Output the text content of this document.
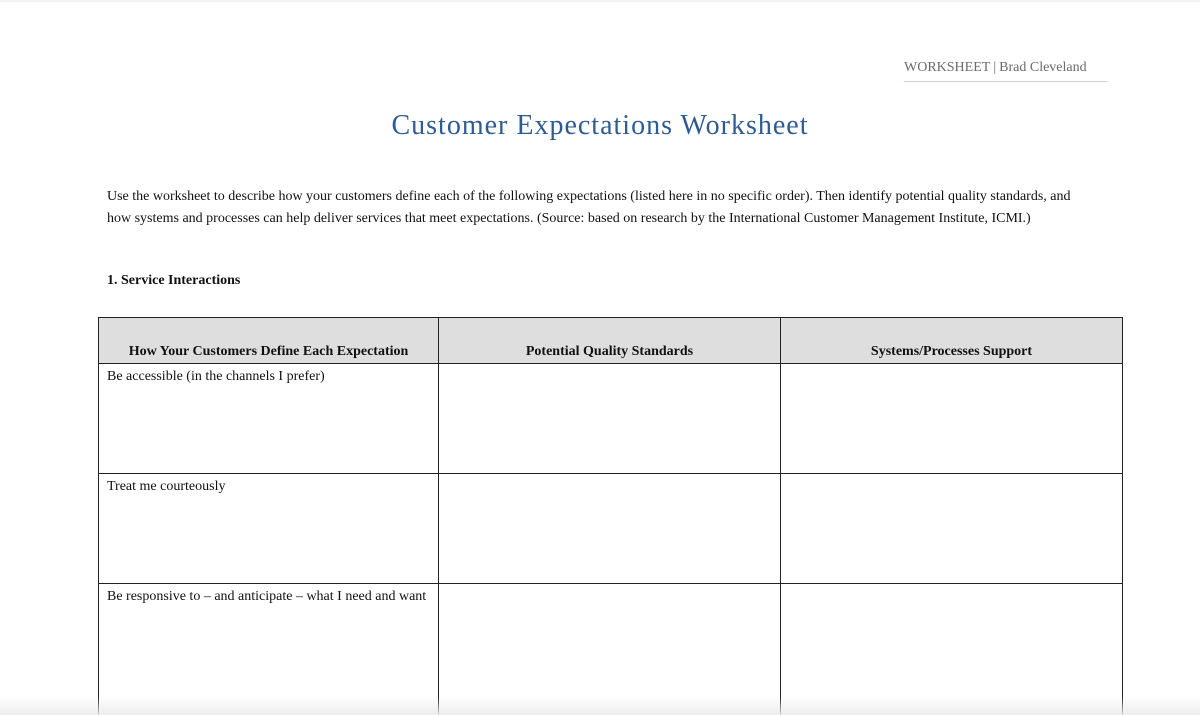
WORKSHEET | Brad Cleveland
Customer Expectations Worksheet

Use the worksheet to describe how your customers define each of the following expectations (listed here in no specific order). Then identify potential quality standards, and how systems and processes can help deliver services that meet expectations. (Source: based on research by the International Customer Management Institute, ICMI.)

1. Service Interactions

How Your Customers Define Each Expectation	Potential Quality Standards	Systems/Processes Support
Be accessible (in the channels I prefer)		
Treat me courteously		
Be responsive to – and anticipate – what I need and want		
